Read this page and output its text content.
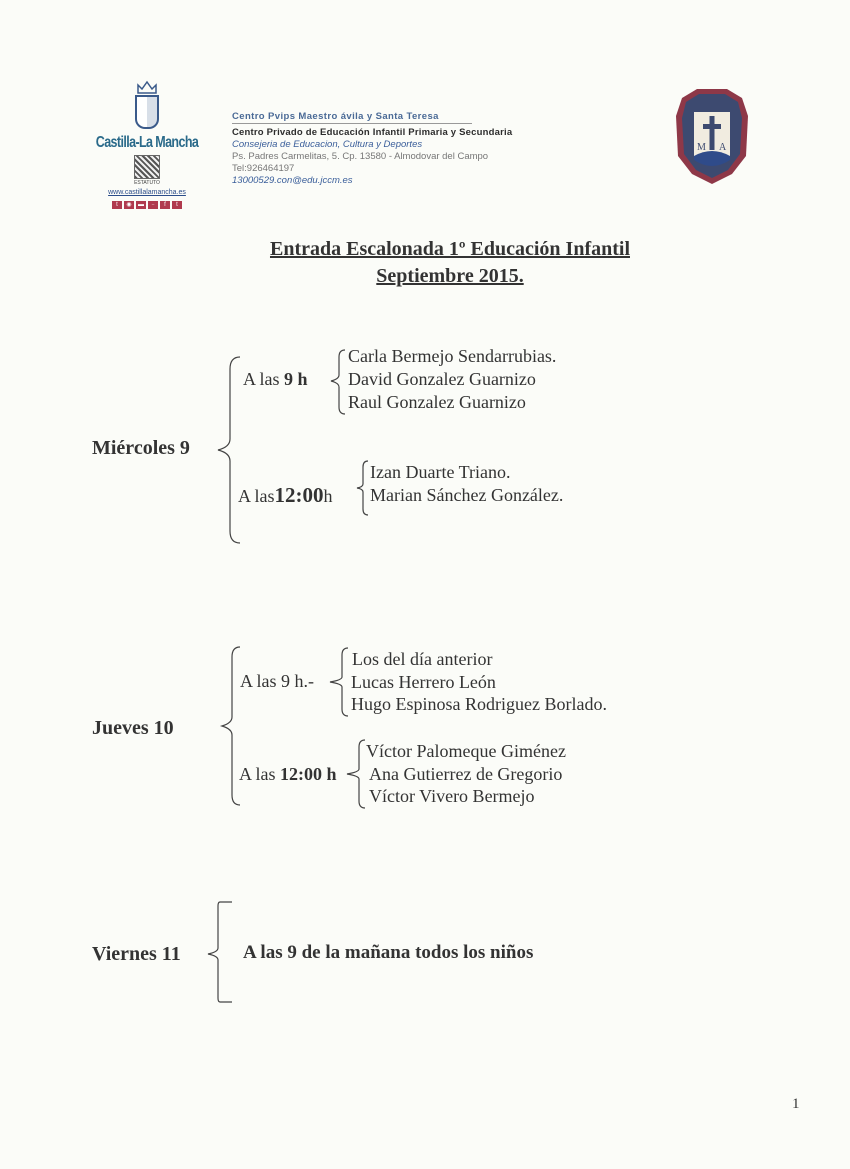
Castilla-La Mancha
ESTATUTO
www.castillalamancha.es
t	◉	▬	∙∙	f	t
Centro Pvips Maestro ávila y Santa Teresa
Centro Privado de Educación Infantil Primaria y Secundaria
Consejeria de Educacion, Cultura y Deportes
Ps. Padres Carmelitas, 5. Cp. 13580 - Almodovar del Campo
Tel:926464197
13000529.con@edu.jccm.es
M A
Entrada Escalonada 1º Educación Infantil
Septiembre 2015.
Miércoles 9
A las 9 h
Carla Bermejo Sendarrubias.
David Gonzalez Guarnizo
Raul Gonzalez Guarnizo
A las12:00h
Izan Duarte Triano.
Marian Sánchez González.
Jueves 10
A las 9 h.-
Los del día anterior
Lucas Herrero León
Hugo Espinosa Rodriguez Borlado.
A las 12:00 h
Víctor Palomeque Giménez
Ana Gutierrez de Gregorio
Víctor Vivero Bermejo
Viernes 11	A las 9 de la mañana todos los niños
1
